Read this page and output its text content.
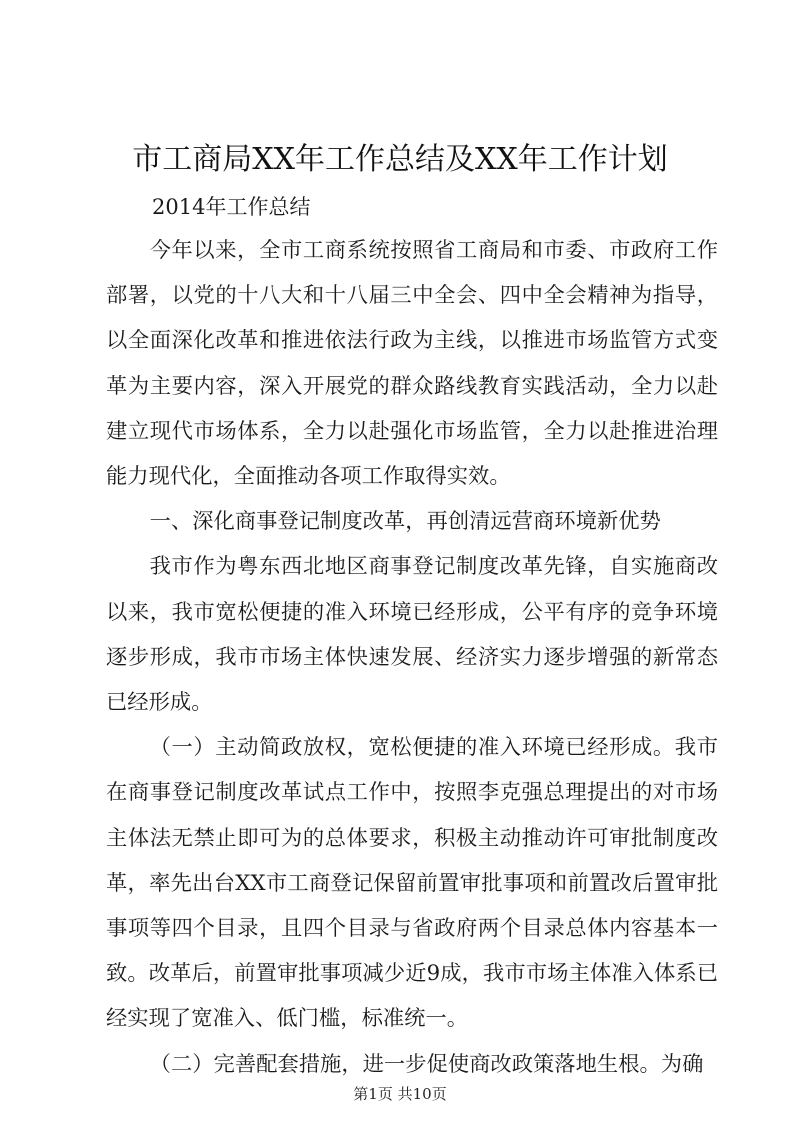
市工商局XX年工作总结及XX年工作计划
2014年工作总结

今年以来，全市工商系统按照省工商局和市委、市政府工作部署，以党的十八大和十八届三中全会、四中全会精神为指导，以全面深化改革和推进依法行政为主线，以推进市场监管方式变革为主要内容，深入开展党的群众路线教育实践活动，全力以赴建立现代市场体系，全力以赴强化市场监管，全力以赴推进治理能力现代化，全面推动各项工作取得实效。

一、深化商事登记制度改革，再创清远营商环境新优势

我市作为粤东西北地区商事登记制度改革先锋，自实施商改以来，我市宽松便捷的准入环境已经形成，公平有序的竞争环境逐步形成，我市市场主体快速发展、经济实力逐步增强的新常态已经形成。

（一）主动简政放权，宽松便捷的准入环境已经形成。我市在商事登记制度改革试点工作中，按照李克强总理提出的对市场主体法无禁止即可为的总体要求，积极主动推动许可审批制度改革，率先出台XX市工商登记保留前置审批事项和前置改后置审批事项等四个目录，且四个目录与省政府两个目录总体内容基本一致。改革后，前置审批事项减少近9成，我市市场主体准入体系已经实现了宽准入、低门槛，标准统一。

（二）完善配套措施，进一步促使商改政策落地生根。为确

第1页 共10页
